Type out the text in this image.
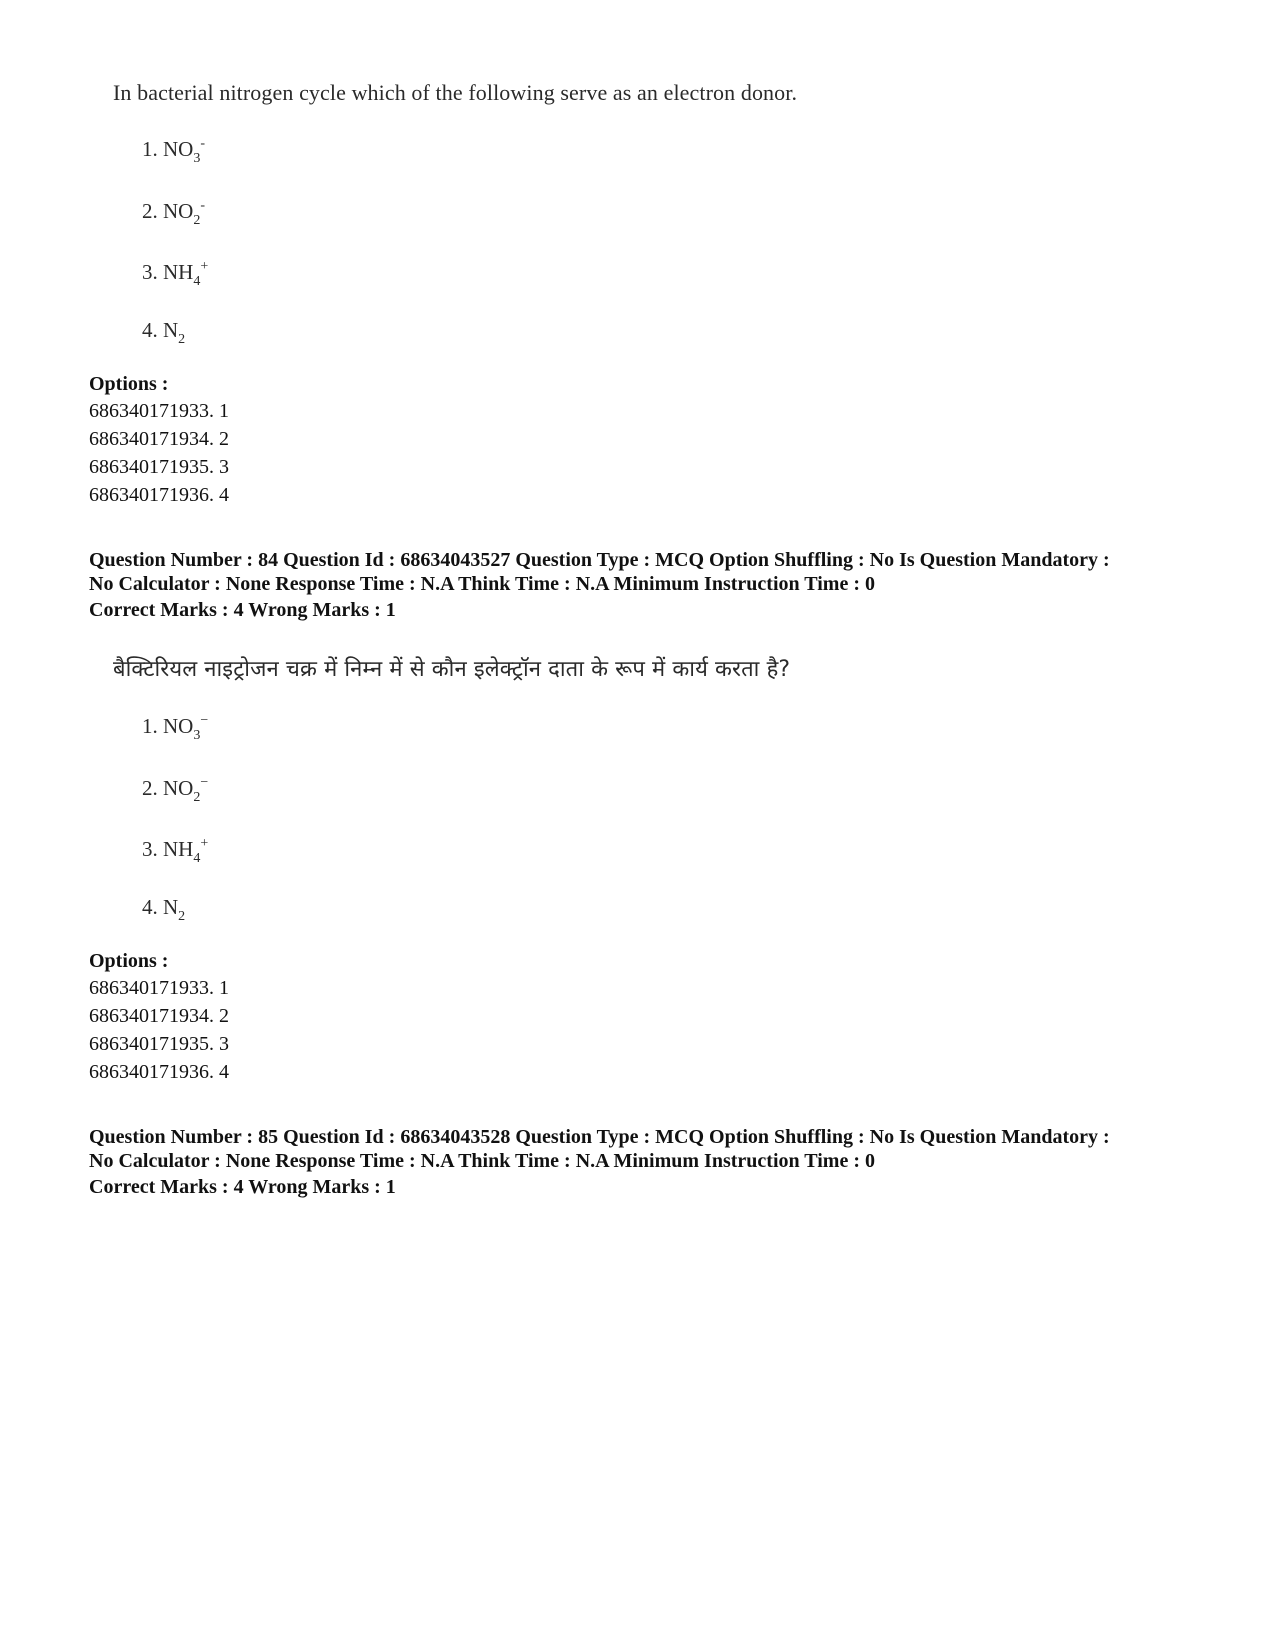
In bacterial nitrogen cycle which of the following serve as an electron donor.
1. $NO_3^-$
2. $NO_2^-$
3. $NH_4^+$
4. $N_2$
Options :
686340171933. 1
686340171934. 2
686340171935. 3
686340171936. 4
Question Number : 84 Question Id : 68634043527 Question Type : MCQ Option Shuffling : No Is Question Mandatory :
No Calculator : None Response Time : N.A Think Time : N.A Minimum Instruction Time : 0
Correct Marks : 4 Wrong Marks : 1
बैक्टिरियल नाइट्रोजन चक्र में निम्न में से कौन इलेक्ट्रॉन दाता के रूप में कार्य करता है?
1. $NO_3^-$
2. $NO_2^-$
3. $NH_4^+$
4. $N_2$
Options :
686340171933. 1
686340171934. 2
686340171935. 3
686340171936. 4
Question Number : 85 Question Id : 68634043528 Question Type : MCQ Option Shuffling : No Is Question Mandatory :
No Calculator : None Response Time : N.A Think Time : N.A Minimum Instruction Time : 0
Correct Marks : 4 Wrong Marks : 1
